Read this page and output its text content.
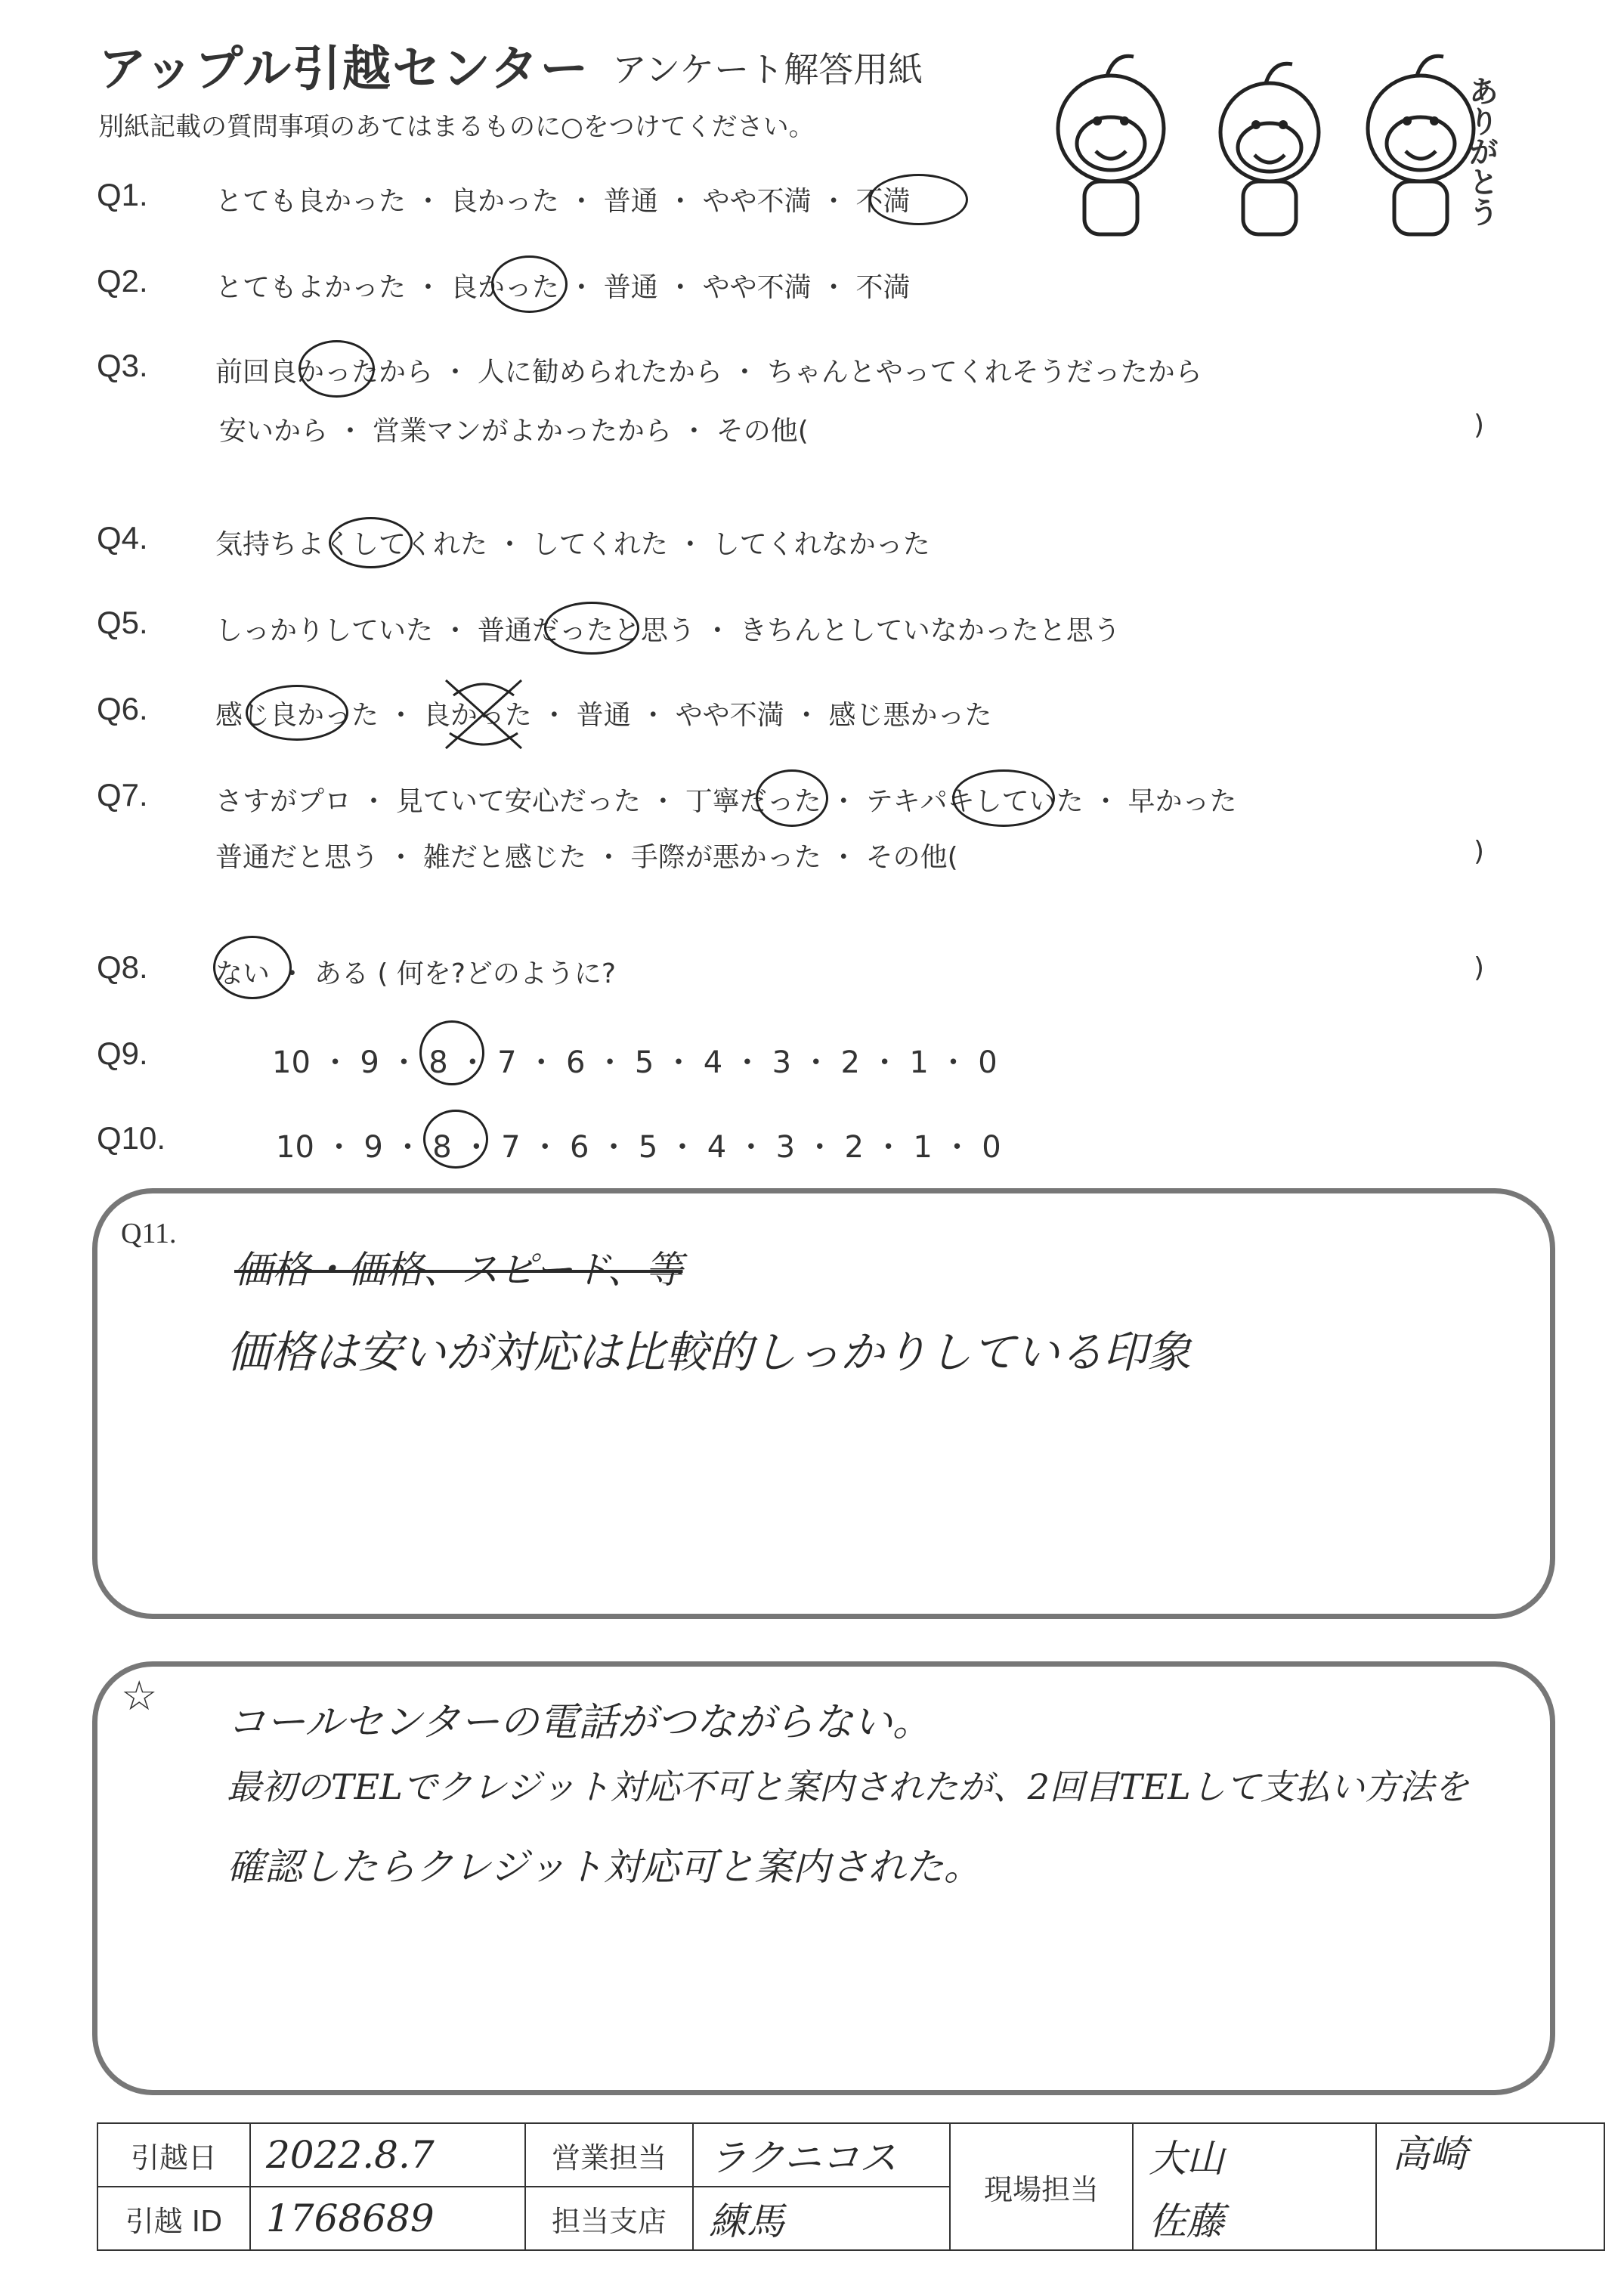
アップル引越センター アンケート解答用紙
別紙記載の質問事項のあてはまるものに○をつけてください。	ありがとう
Q1. とても良かった ・ 良かった ・ 普通 ・ やや不満 ・ 不満
Q2. とてもよかった ・ 良かった ・ 普通 ・ やや不満 ・ 不満
Q3. 前回良かったから ・ 人に勧められたから ・ ちゃんとやってくれそうだったから
安いから ・ 営業マンがよかったから ・ その他(	)
Q4. 気持ちよくしてくれた ・ してくれた ・ してくれなかった
Q5. しっかりしていた ・ 普通だったと思う ・ きちんとしていなかったと思う
Q6. 感じ良かった ・ 良かった ・ 普通 ・ やや不満 ・ 感じ悪かった
Q7. さすがプロ ・ 見ていて安心だった ・ 丁寧だった ・ テキパキしていた ・ 早かった
普通だと思う ・ 雑だと感じた ・ 手際が悪かった ・ その他(	)
Q8. ない ・ ある ( 何を?どのように?	)
Q9.	10 ・ 9 ・ 8 ・ 7 ・ 6 ・ 5 ・ 4 ・ 3 ・ 2 ・ 1 ・ 0
Q10.	10 ・ 9 ・ 8 ・ 7 ・ 6 ・ 5 ・ 4 ・ 3 ・ 2 ・ 1 ・ 0
Q11.
価格・価格、スピード、等
価格は安いが対応は比較的しっかりしている印象
☆
コールセンターの電話がつながらない。
最初のTELでクレジット対応不可と案内されたが、2回目TELして支払い方法を
確認したらクレジット対応可と案内された。
引越日	2022.8.7	営業担当	ラクニコス	現場担当	大山	高崎
引越 ID	1768689	担当支店	練馬		佐藤	
